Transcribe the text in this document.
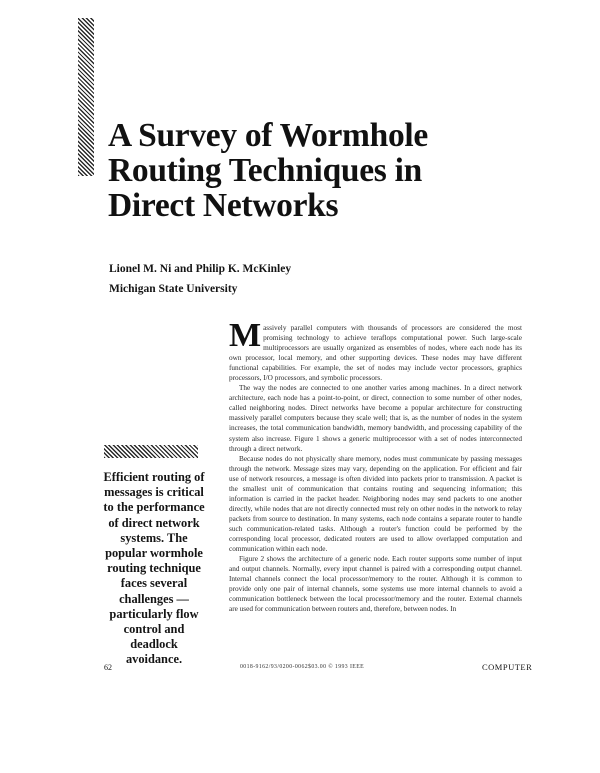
A Survey of Wormhole
Routing Techniques in
Direct Networks
Lionel M. Ni and Philip K. McKinley
Michigan State University

Efficient routing of messages is critical to the performance of direct network systems. The popular wormhole routing technique faces several challenges — particularly flow control and deadlock avoidance.

Massively parallel computers with thousands of processors are considered the most promising technology to achieve teraflops computational power. Such large-scale multiprocessors are usually organized as ensembles of nodes, where each node has its own processor, local memory, and other supporting devices. These nodes may have different functional capabilities. For example, the set of nodes may include vector processors, graphics processors, I/O processors, and symbolic processors.

The way the nodes are connected to one another varies among machines. In a direct network architecture, each node has a point-to-point, or direct, connection to some number of other nodes, called neighboring nodes. Direct networks have become a popular architecture for constructing massively parallel computers because they scale well; that is, as the number of nodes in the system increases, the total communication bandwidth, memory bandwidth, and processing capability of the system also increase. Figure 1 shows a generic multiprocessor with a set of nodes interconnected through a direct network.

Because nodes do not physically share memory, nodes must communicate by passing messages through the network. Message sizes may vary, depending on the application. For efficient and fair use of network resources, a message is often divided into packets prior to transmission. A packet is the smallest unit of communication that contains routing and sequencing information; this information is carried in the packet header. Neighboring nodes may send packets to one another directly, while nodes that are not directly connected must rely on other nodes in the network to relay packets from source to destination. In many systems, each node contains a separate router to handle such communication-related tasks. Although a router's function could be performed by the corresponding local processor, dedicated routers are used to allow overlapped computation and communication within each node.

Figure 2 shows the architecture of a generic node. Each router supports some number of input and output channels. Normally, every input channel is paired with a corresponding output channel. Internal channels connect the local processor/memory to the router. Although it is common to provide only one pair of internal channels, some systems use more internal channels to avoid a communication bottleneck between the local processor/memory and the router. External channels are used for communication between routers and, therefore, between nodes. In

62	0018-9162/93/0200-0062$03.00 © 1993 IEEE	COMPUTER
